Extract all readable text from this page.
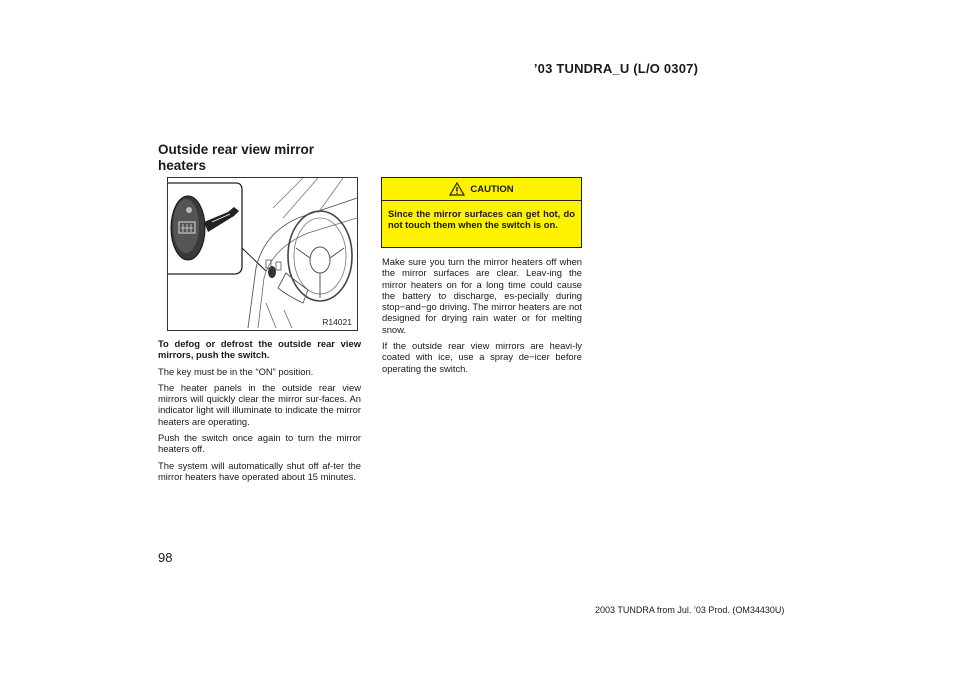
’03 TUNDRA_U (L/O 0307)
Outside rear view mirror heaters
R14021

To defog or defrost the outside rear view mirrors, push the switch.

The key must be in the “ON” position.

The heater panels in the outside rear view mirrors will quickly clear the mirror sur-faces. An indicator light will illuminate to indicate the mirror heaters are operating.

Push the switch once again to turn the mirror heaters off.

The system will automatically shut off af-ter the mirror heaters have operated about 15 minutes.

CAUTION
Since the mirror surfaces can get hot, do not touch them when the switch is on.

Make sure you turn the mirror heaters off when the mirror surfaces are clear. Leav-ing the mirror heaters on for a long time could cause the battery to discharge, es-pecially during stop−and−go driving. The mirror heaters are not designed for drying rain water or for melting snow.

If the outside rear view mirrors are heavi-ly coated with ice, use a spray de−icer before operating the switch.

98
2003 TUNDRA from Jul. ’03 Prod. (OM34430U)
